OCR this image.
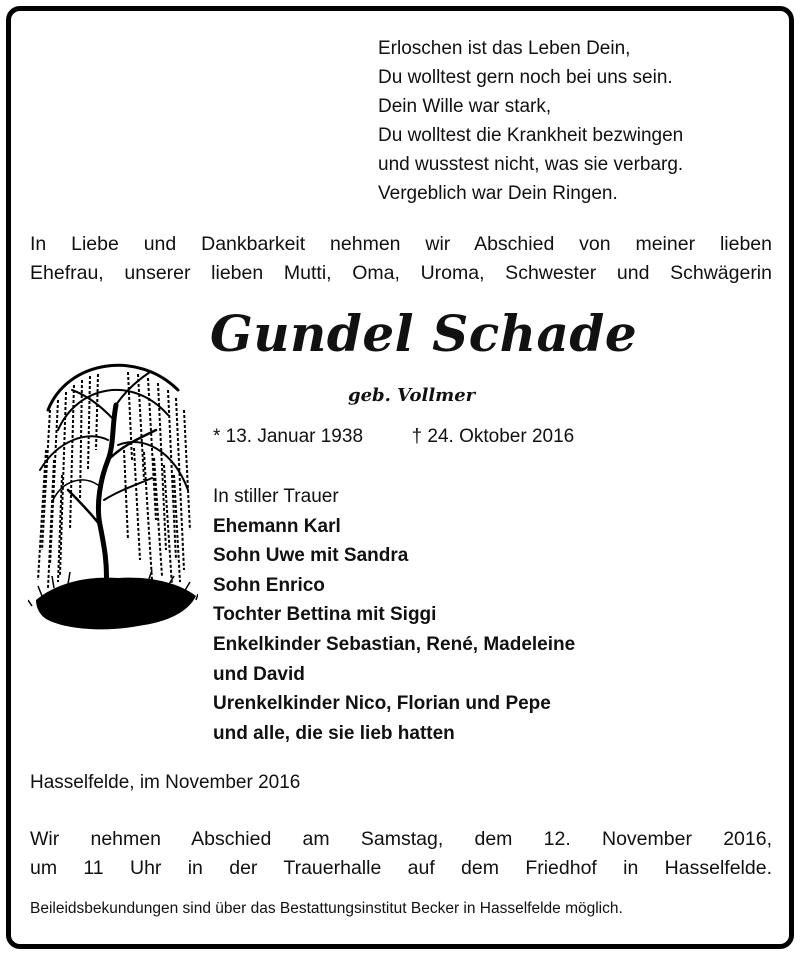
Erloschen ist das Leben Dein,
Du wolltest gern noch bei uns sein.
Dein Wille war stark,
Du wolltest die Krankheit bezwingen
und wusstest nicht, was sie verbarg.
Vergeblich war Dein Ringen.
In Liebe und Dankbarkeit nehmen wir Abschied von meiner lieben
Ehefrau, unserer lieben Mutti, Oma, Uroma, Schwester und Schwägerin
Gundel Schade
geb. Vollmer
* 13. Januar 1938	† 24. Oktober 2016
In stiller Trauer
Ehemann Karl
Sohn Uwe mit Sandra
Sohn Enrico
Tochter Bettina mit Siggi
Enkelkinder Sebastian, René, Madeleine
und David
Urenkelkinder Nico, Florian und Pepe
und alle, die sie lieb hatten
Hasselfelde, im November 2016
Wir nehmen Abschied am Samstag, dem 12. November 2016,
um 11 Uhr in der Trauerhalle auf dem Friedhof in Hasselfelde.
Beileidsbekundungen sind über das Bestattungsinstitut Becker in Hasselfelde möglich.
